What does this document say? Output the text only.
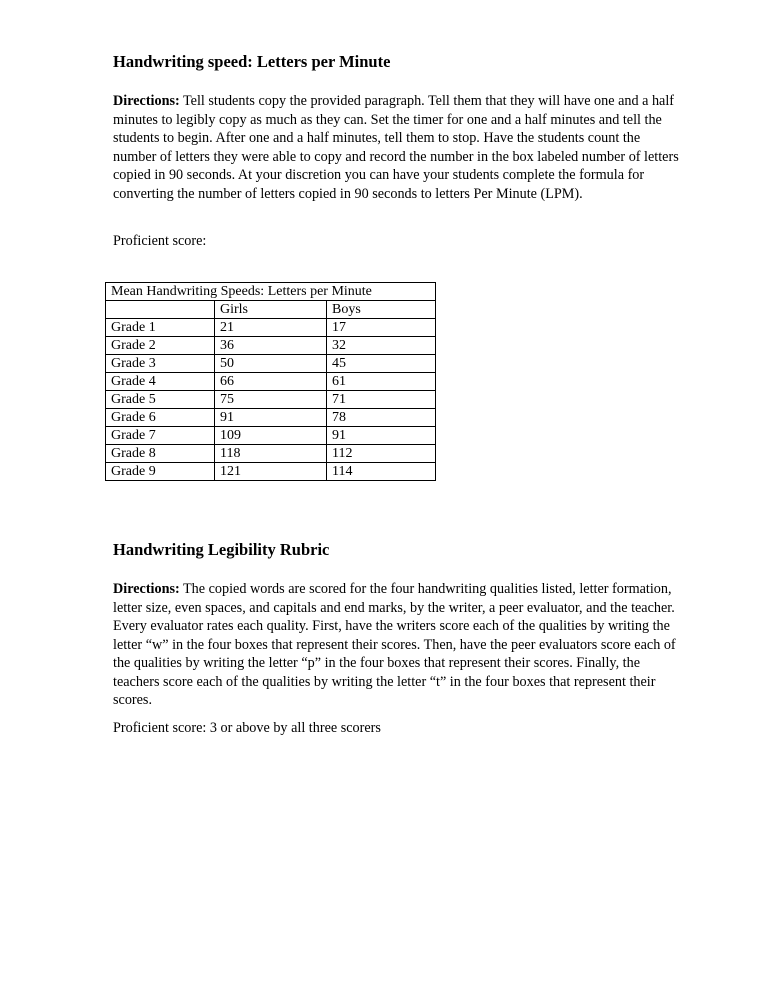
Handwriting speed: Letters per Minute

Directions: Tell students copy the provided paragraph. Tell them that they will have one and a half minutes to legibly copy as much as they can. Set the timer for one and a half minutes and tell the students to begin. After one and a half minutes, tell them to stop. Have the students count the number of letters they were able to copy and record the number in the box labeled number of letters copied in 90 seconds. At your discretion you can have your students complete the formula for converting the number of letters copied in 90 seconds to letters Per Minute (LPM).

Proficient score:

Mean Handwriting Speeds: Letters per Minute		
	Girls	Boys
Grade 1	21	17
Grade 2	36	32
Grade 3	50	45
Grade 4	66	61
Grade 5	75	71
Grade 6	91	78
Grade 7	109	91
Grade 8	118	112
Grade 9	121	114
Handwriting Legibility Rubric

Directions: The copied words are scored for the four handwriting qualities listed, letter formation, letter size, even spaces, and capitals and end marks, by the writer, a peer evaluator, and the teacher. Every evaluator rates each quality. First, have the writers score each of the qualities by writing the letter “w” in the four boxes that represent their scores. Then, have the peer evaluators score each of the qualities by writing the letter “p” in the four boxes that represent their scores. Finally, the teachers score each of the qualities by writing the letter “t” in the four boxes that represent their scores.

Proficient score: 3 or above by all three scorers
